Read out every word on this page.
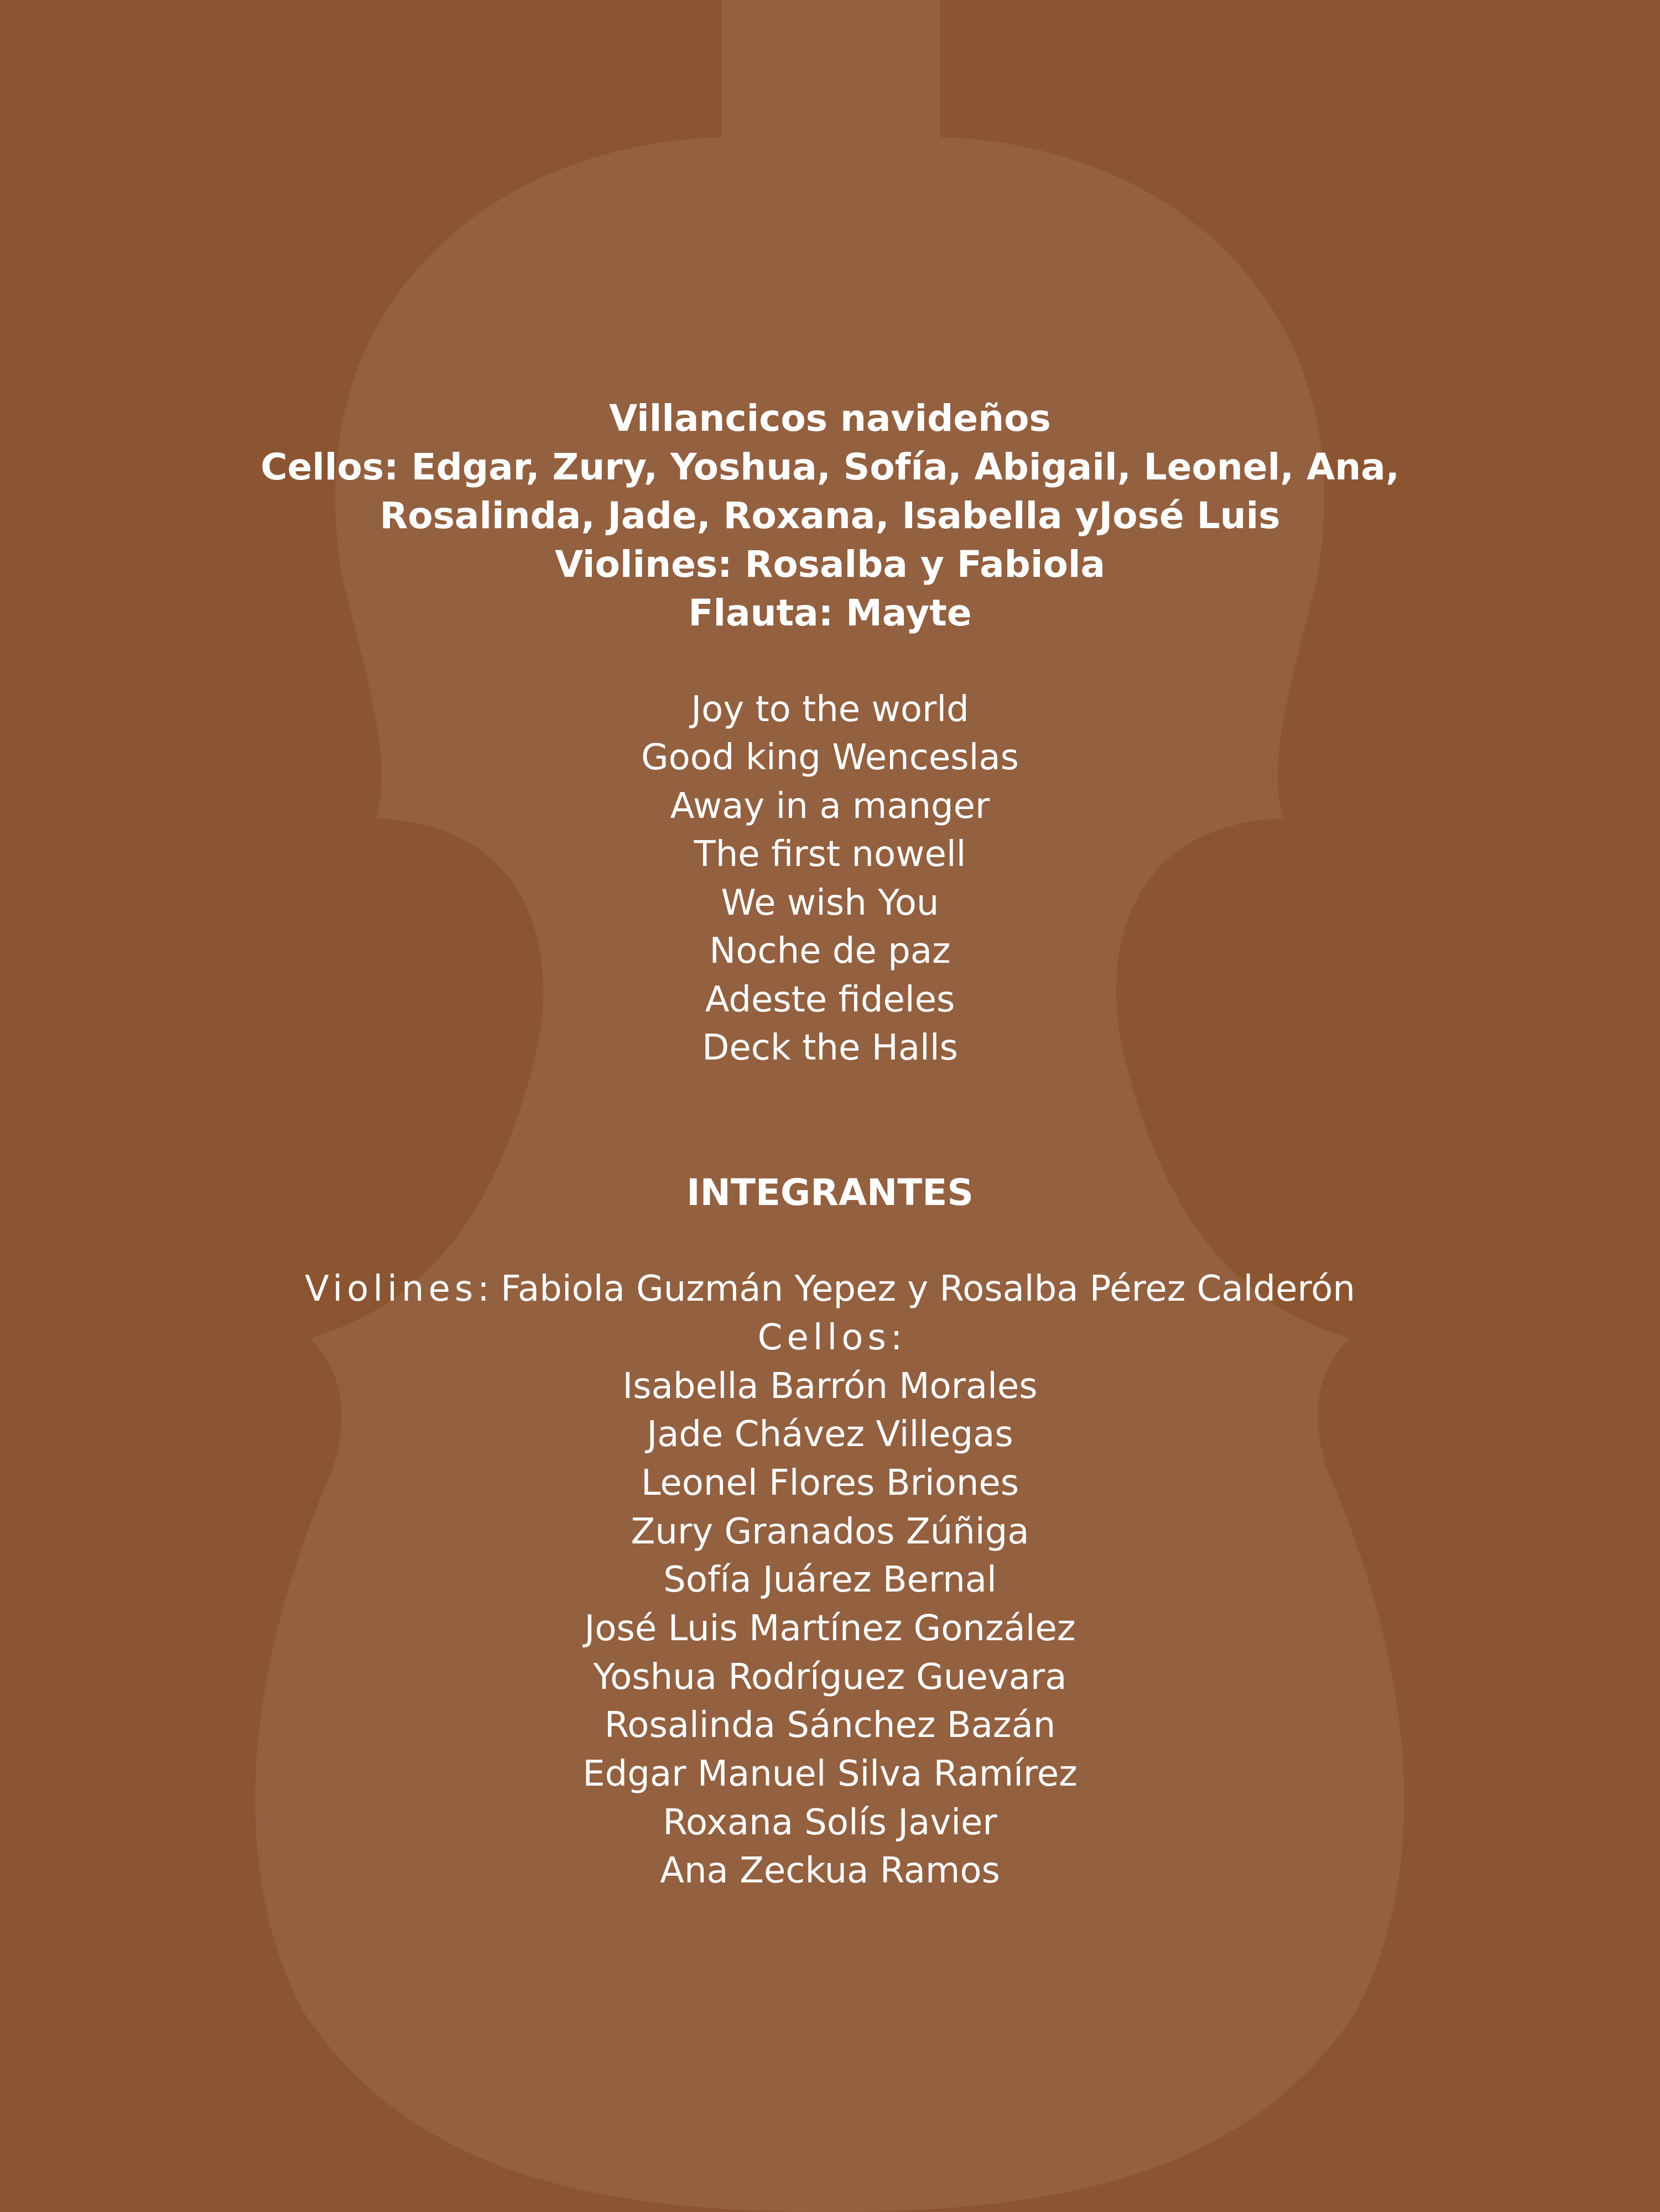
Villancicos navideños
Cellos: Edgar, Zury, Yoshua, Sofía, Abigail, Leonel, Ana,
Rosalinda, Jade, Roxana, Isabella yJosé Luis
Violines: Rosalba y Fabiola
Flauta: Mayte
Joy to the world
Good king Wenceslas
Away in a manger
The first nowell
We wish You
Noche de paz
Adeste fideles
Deck the Halls
INTEGRANTES
Violines: Fabiola Guzmán Yepez y Rosalba Pérez Calderón
Cellos:
Isabella Barrón Morales
Jade Chávez Villegas
Leonel Flores Briones
Zury Granados Zúñiga
Sofía Juárez Bernal
José Luis Martínez González
Yoshua Rodríguez Guevara
Rosalinda Sánchez Bazán
Edgar Manuel Silva Ramírez
Roxana Solís Javier
Ana Zeckua Ramos
